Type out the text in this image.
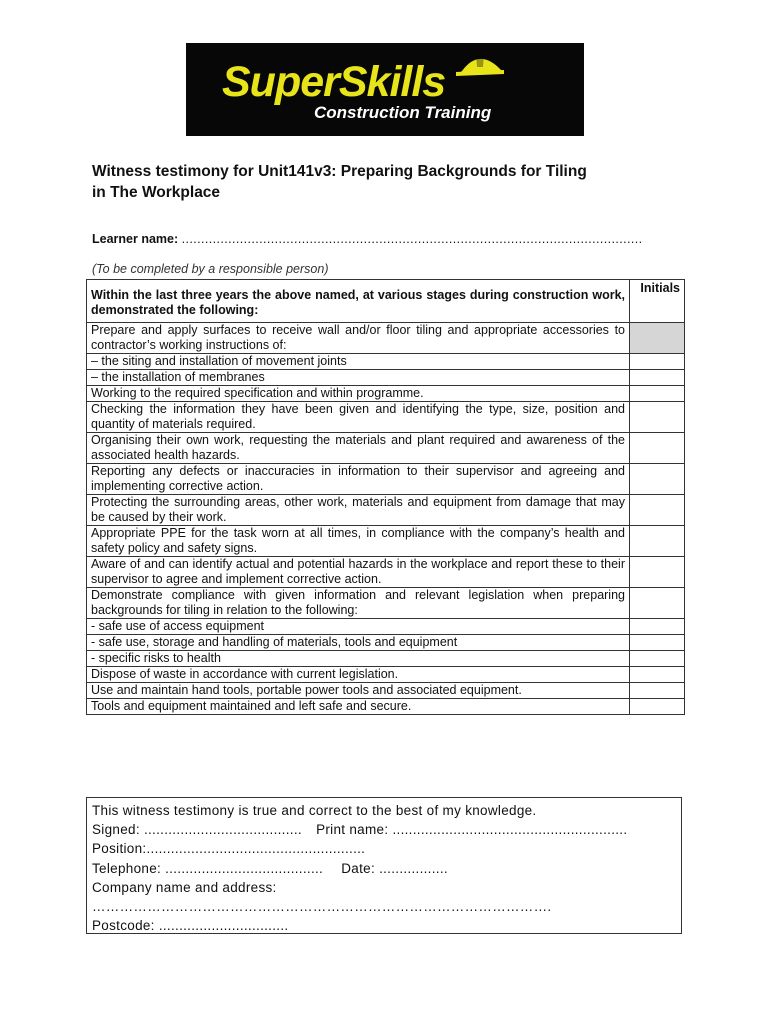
SuperSkills
Construction Training
Witness testimony for Unit141v3: Preparing Backgrounds for Tiling
in The Workplace
Learner name: .......................................................................................................................
(To be completed by a responsible person)
Within the last three years the above named, at various stages during construction work, demonstrated the following:	Initials

Prepare and apply surfaces to receive wall and/or floor tiling and appropriate accessories to contractor’s working instructions of:	
– the siting and installation of movement joints	
– the installation of membranes	
Working to the required specification and within programme.	
Checking the information they have been given and identifying the type, size, position and quantity of materials required.	
Organising their own work, requesting the materials and plant required and awareness of the associated health hazards.	
Reporting any defects or inaccuracies in information to their supervisor and agreeing and implementing corrective action.	
Protecting the surrounding areas, other work, materials and equipment from damage that may be caused by their work.	
Appropriate PPE for the task worn at all times, in compliance with the company’s health and safety policy and safety signs.	
Aware of and can identify actual and potential hazards in the workplace and report these to their supervisor to agree and implement corrective action.	
Demonstrate compliance with given information and relevant legislation when preparing backgrounds for tiling in relation to the following:	
- safe use of access equipment	
- safe use, storage and handling of materials, tools and equipment	
- specific risks to health	
Dispose of waste in accordance with current legislation.	
Use and maintain hand tools, portable power tools and associated equipment.	
Tools and equipment maintained and left safe and secure.	
This witness testimony is true and correct to the best of my knowledge.
Signed: ....................................... Print name: ..........................................................
Position:......................................................
Telephone: ....................................... Date: .................
Company name and address:
……………………………………………………………………………………….
Postcode: ................................
